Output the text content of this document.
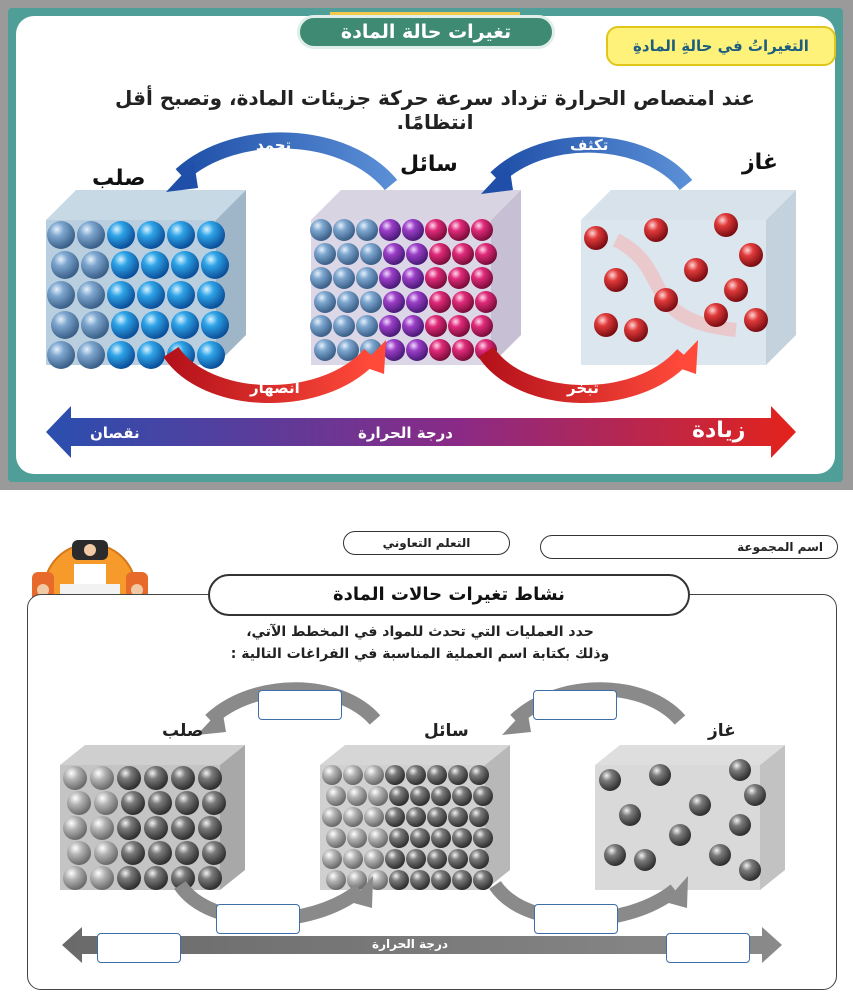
تغيرات حالة المادة
التغيراتُ في حالةِ المادةِ
عند امتصاص الحرارة تزداد سرعة حركة جزيئات المادة، وتصبح أقل انتظامًا.
صلب
سائل	غاز
تجمد	تكثف
انصهار	تبخر
نقصان	درجة الحرارة	زيادة
التعلم التعاوني	اسم المجموعة
نشاط تغيرات حالات المادة
حدد العمليات التي تحدث للمواد في المخطط الآتي،
وذلك بكتابة اسم العملية المناسبة في الفراغات التالية :
صلب	سائل	غاز
درجة الحرارة
